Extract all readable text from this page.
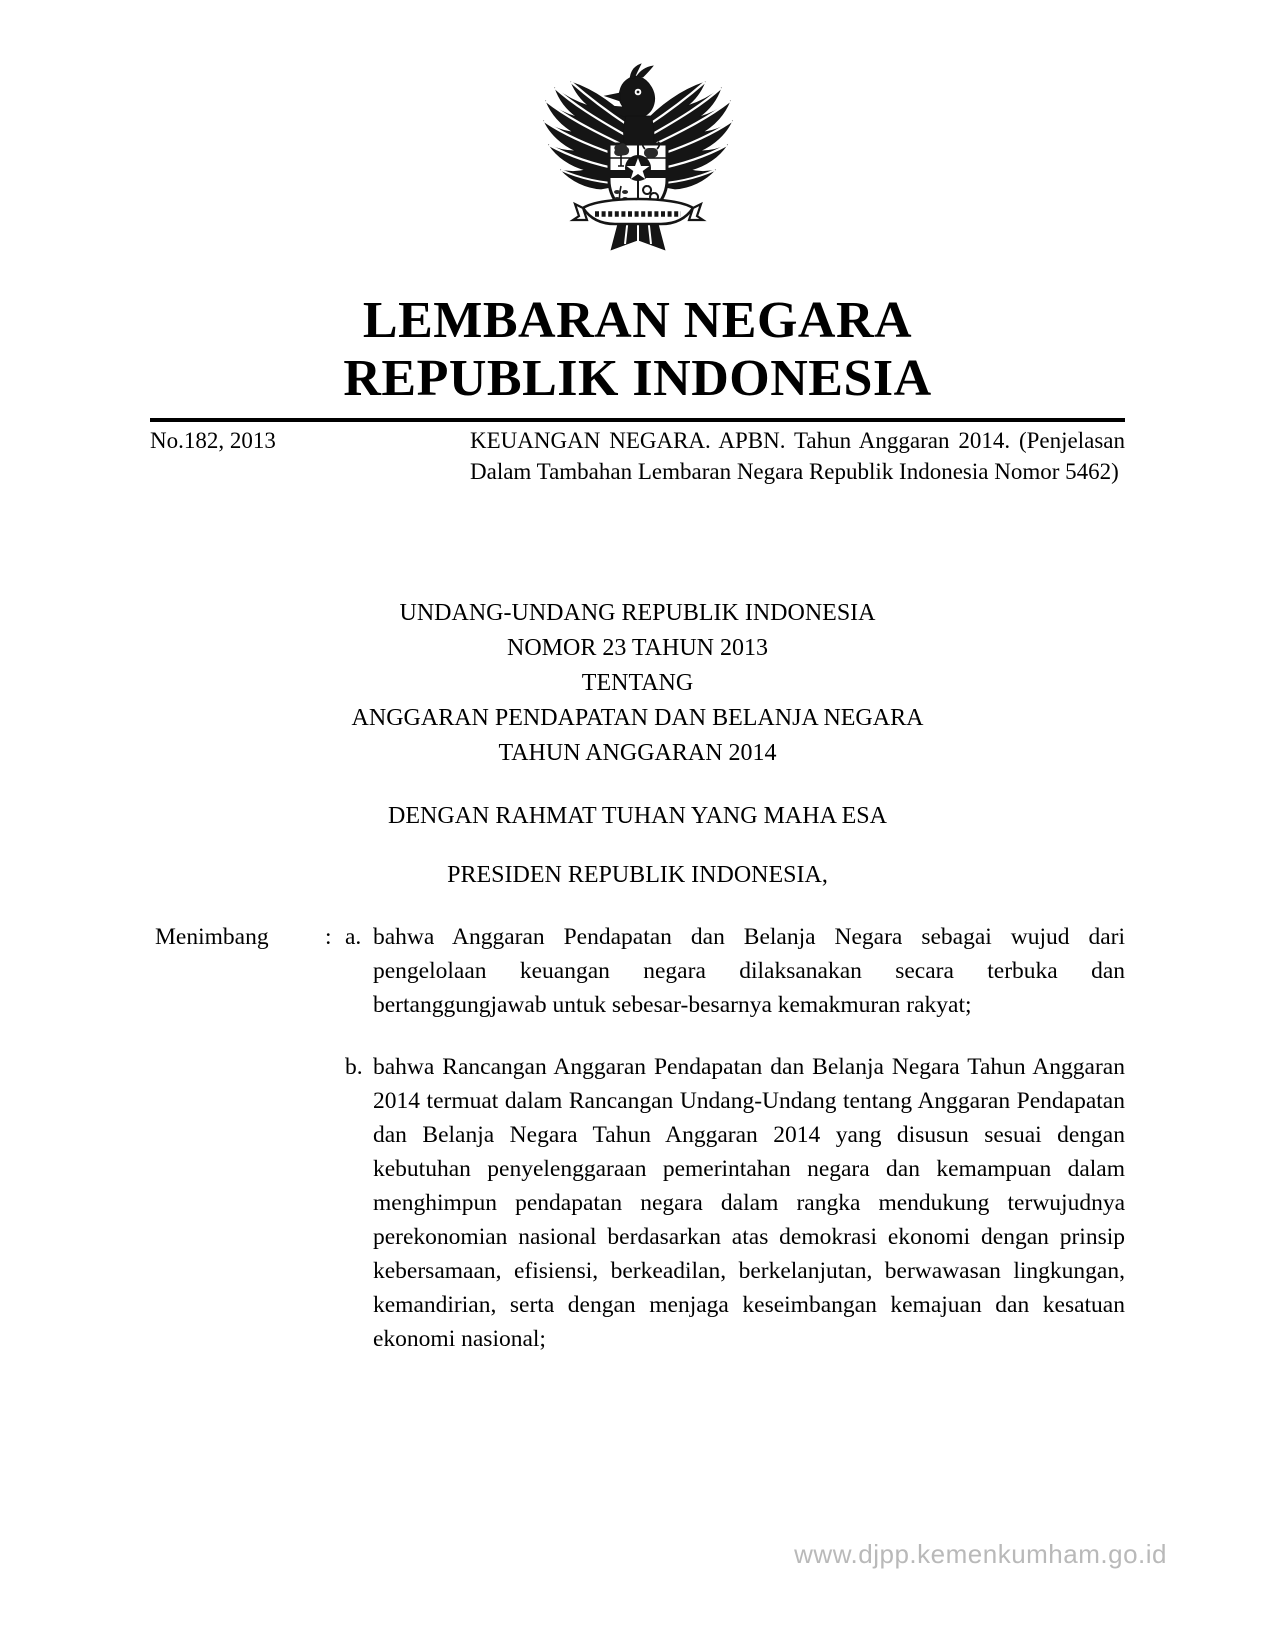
LEMBARAN NEGARA
REPUBLIK INDONESIA
No.182, 2013	KEUANGAN NEGARA. APBN. Tahun Anggaran 2014. (Penjelasan Dalam Tambahan Lembaran Negara Republik Indonesia Nomor 5462)
UNDANG-UNDANG REPUBLIK INDONESIA
NOMOR 23 TAHUN 2013
TENTANG
ANGGARAN PENDAPATAN DAN BELANJA NEGARA
TAHUN ANGGARAN 2014
DENGAN RAHMAT TUHAN YANG MAHA ESA
PRESIDEN REPUBLIK INDONESIA,
Menimbang	: a. bahwa Anggaran Pendapatan dan Belanja Negara sebagai wujud dari pengelolaan keuangan negara dilaksanakan secara terbuka dan bertanggungjawab untuk sebesar-besarnya kemakmuran rakyat;
b. bahwa Rancangan Anggaran Pendapatan dan Belanja Negara Tahun Anggaran 2014 termuat dalam Rancangan Undang-Undang tentang Anggaran Pendapatan dan Belanja Negara Tahun Anggaran 2014 yang disusun sesuai dengan kebutuhan penyelenggaraan pemerintahan negara dan kemampuan dalam menghimpun pendapatan negara dalam rangka mendukung terwujudnya perekonomian nasional berdasarkan atas demokrasi ekonomi dengan prinsip kebersamaan, efisiensi, berkeadilan, berkelanjutan, berwawasan lingkungan, kemandirian, serta dengan menjaga keseimbangan kemajuan dan kesatuan ekonomi nasional;
www.djpp.kemenkumham.go.id
